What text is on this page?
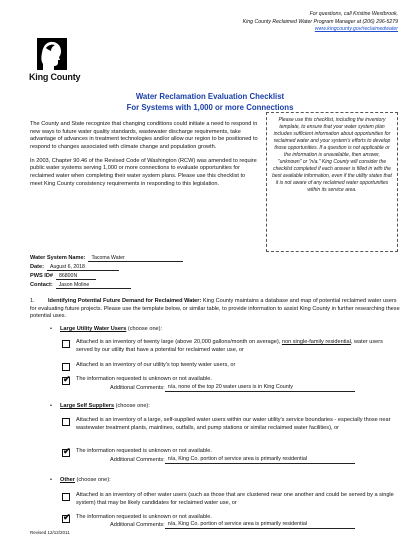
For questions, call Kristine Westbrook,
King County Reclaimed Water Program Manager at (206) 296-5279
www.kingcounty.gov/reclaimedwater
King County
Water Reclamation Evaluation Checklist
For Systems with 1,000 or more Connections

The County and State recognize that changing conditions could initiate a need to respond in new ways to future water quality standards, wastewater discharge requirements, take advantage of advances in treatment technologies and/or allow our region to be positioned to respond to changes associated with climate change and population growth.

In 2003, Chapter 90.46 of the Revised Code of Washington (RCW) was amended to require public water systems serving 1,000 or more connections to evaluate opportunities for reclaimed water when completing their water system plans. Please use this checklist to meet King County consistency requirements in responding to this legislation.

Please use this checklist, including the inventory template, to ensure that your water system plan includes sufficient information about opportunities for reclaimed water and your system's efforts to develop those opportunities. If a question is not applicable or the information is unavailable, then answer, "unknown" or "n/a." King County will consider the checklist completed if each answer is filled in with the best available information, even if the utility states that it is not aware of any reclaimed water opportunities within its service area.
Water System Name:	Tacoma Water
Date:	August 6, 2018
PWS ID#	86800N
Contact:	Jason Moline
1. Identifying Potential Future Demand for Reclaimed Water: King County maintains a database and map of potential reclaimed water users for evaluating future projects. Please use the template below, or similar table, to provide information to assist King County in further researching these potential uses.
• Large Utility Water Users (choose one):
Attached is an inventory of twenty large (above 20,000 gallons/month on average), non single-family residential, water users served by our utility that have a potential for reclaimed water use, or
Attached is an inventory of our utility's top twenty water users, or
✔ The information requested is unknown or not available.
Additional Comments: n/a, none of the top 20 water users is in King County
• Large Self Suppliers (choose one):
Attached is an inventory of a large, self-supplied water users within our water utility's service boundaries - especially those near wastewater treatment plants, mainlines, outfalls, and pump stations or similar reclaimed water facilities), or
✔ The information requested is unknown or not available.
Additional Comments: n/a, King Co. portion of service area is primarily residential
• Other (choose one):
Attached is an inventory of other water users (such as those that are clustered near one another and could be served by a single system) that may be likely candidates for reclaimed water use, or
✔ The information requested is unknown or not available.
Additional Comments: n/a, King Co. portion of service area is primarily residential
Revised 12/12/2011
